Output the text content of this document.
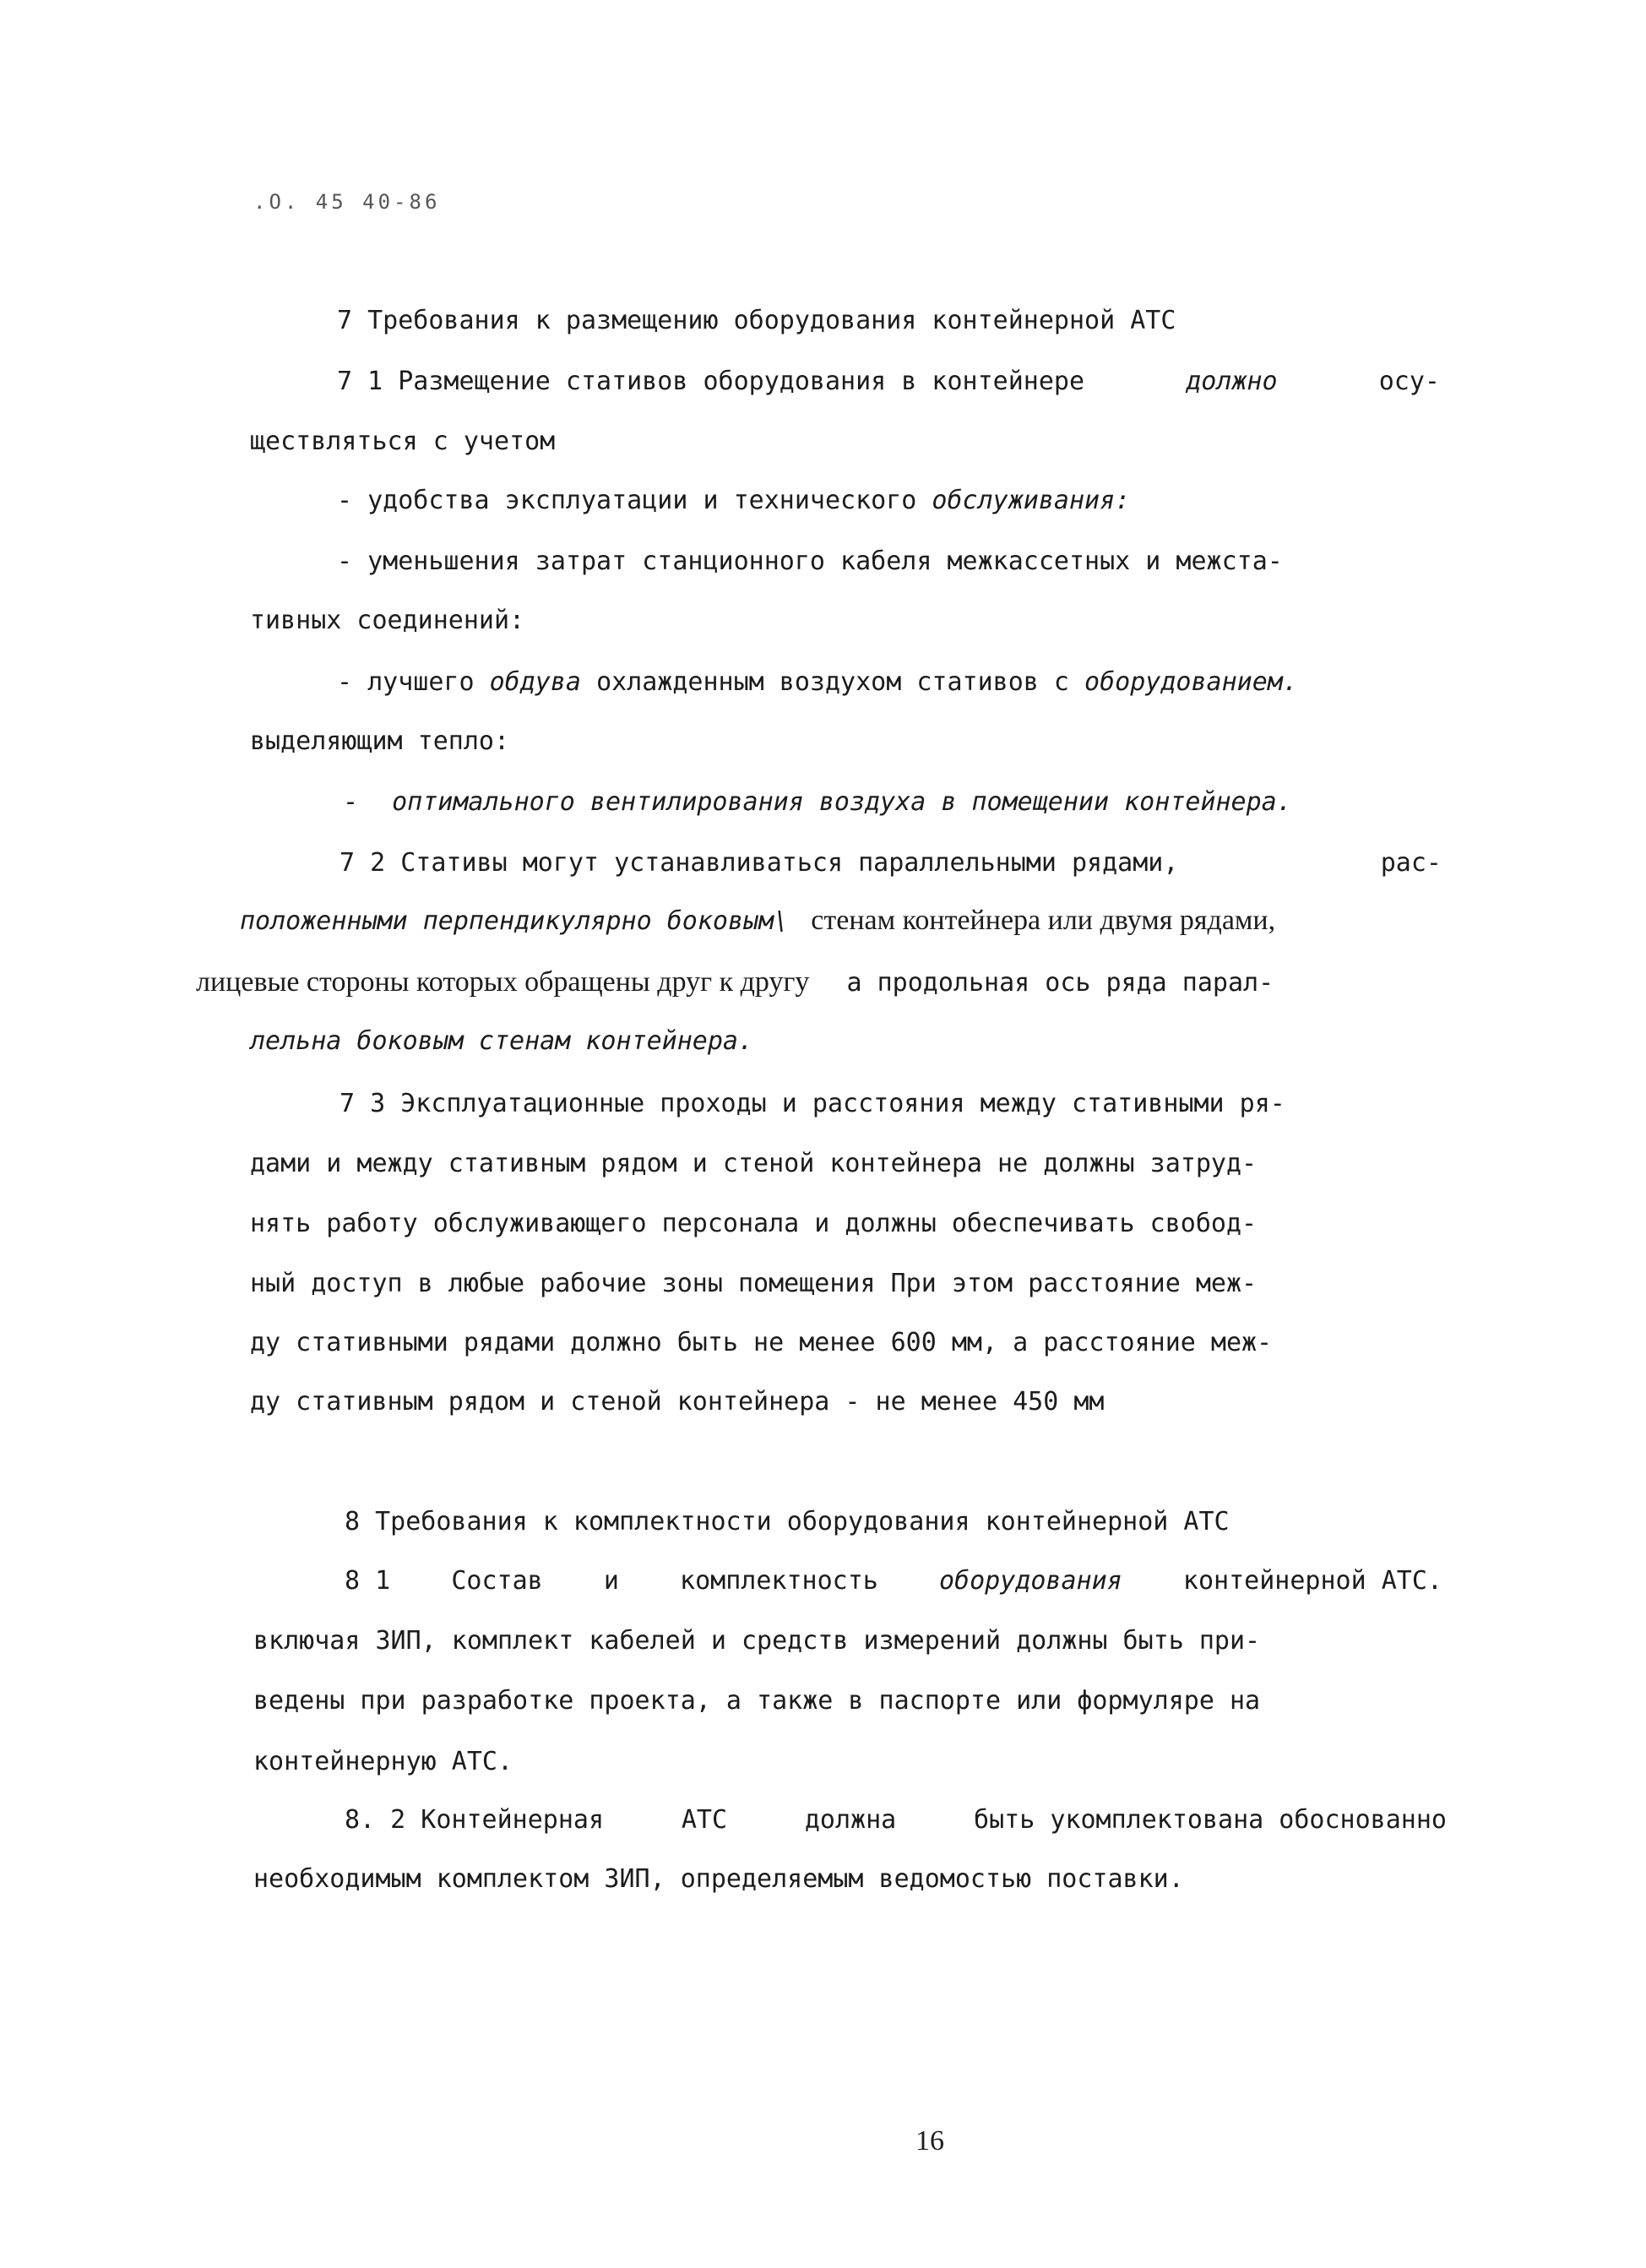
.O. 45 40-86
7 Требования к размещению оборудования контейнерной АТС
7 1 Размещение стативов оборудования в контейнере	должно	осу-
ществляться с учетом
- удобства эксплуатации и технического обслуживания:
- уменьшения затрат станционного кабеля межкассетных и межста-
тивных соединений:
- лучшего обдува охлажденным воздухом стативов с оборудованием.
выделяющим тепло:
- оптимального вентилирования воздуха в помещении контейнера.
7 2 Стативы могут устанавливаться параллельными рядами,	рас-
положенными перпендикулярно боковым\ стенам контейнера или двумя рядами,
лицевые стороны которых обращены друг к другу а продольная ось ряда парал-
лельна боковым стенам контейнера.
7 3 Эксплуатационные проходы и расстояния между стативными ря-
дами и между стативным рядом и стеной контейнера не должны затруд-
нять работу обслуживающего персонала и должны обеспечивать свобод-
ный доступ в любые рабочие зоны помещения При этом расстояние меж-
ду стативными рядами должно быть не менее 600 мм, а расстояние меж-
ду стативным рядом и стеной контейнера - не менее 450 мм
8 Требования к комплектности оборудования контейнерной АТС
8 1 Состав и комплектность оборудования контейнерной АТС.
включая ЗИП, комплект кабелей и средств измерений должны быть при-
ведены при разработке проекта, а также в паспорте или формуляре на
контейнерную АТС.
8. 2 Контейнерная	АТС	должна	быть укомплектована обоснованно
необходимым комплектом ЗИП, определяемым ведомостью поставки.
16
